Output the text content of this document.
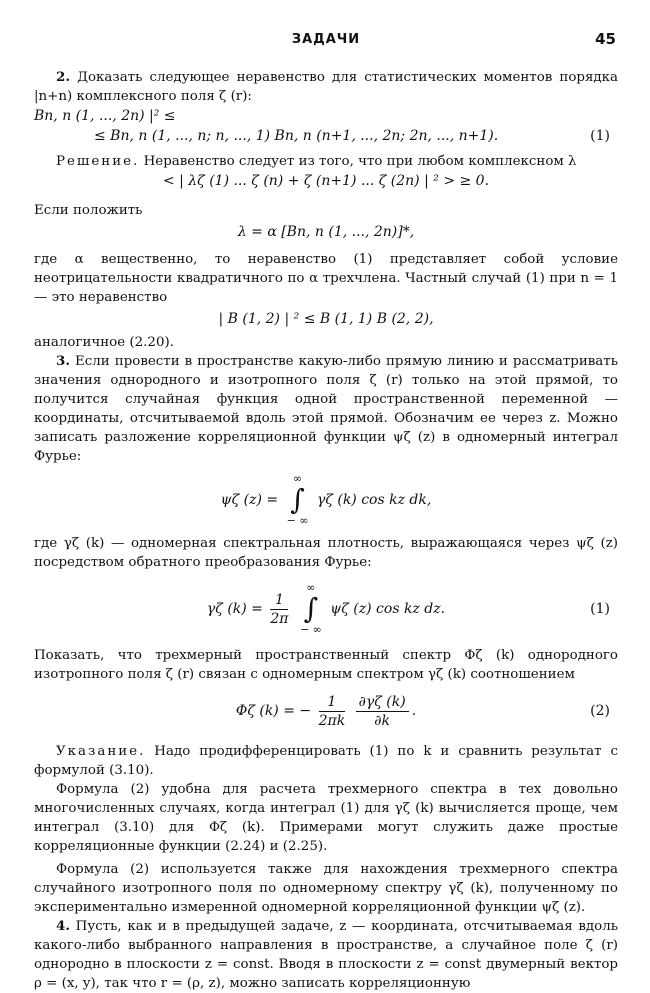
ЗАДАЧИ	45

2. Доказать следующее неравенство для статистических моментов порядка |n+n) комплексного поля ζ (r):

Bn, n (1, ..., 2n) |² ≤
≤ Bn, n (1, ..., n; n, ..., 1) Bn, n (n+1, ..., 2n; 2n, ..., n+1).	(1)

Решение. Неравенство следует из того, что при любом комплексном λ

< | λζ (1) ... ζ (n) + ζ (n+1) ... ζ (2n) | ² > ≥ 0.

Если положить

λ = α [Bn, n (1, ..., 2n)]*,

где α вещественно, то неравенство (1) представляет собой условие неотрицательности квадратичного по α трехчлена. Частный случай (1) при n = 1 — это неравенство

| B (1, 2) | ² ≤ B (1, 1) B (2, 2),

аналогичное (2.20).

3. Если провести в пространстве какую-либо прямую линию и рассматривать значения однородного и изотропного поля ζ (r) только на этой прямой, то получится случайная функция одной пространственной переменной — координаты, отсчитываемой вдоль этой прямой. Обозначим ее через z. Можно записать разложение корреляционной функции ψζ (z) в одномерный интеграл Фурье:

ψζ (z) =
∞
∫
− ∞
γζ (k) cos kz dk,

где γζ (k) — одномерная спектральная плотность, выражающаяся через ψζ (z) посредством обратного преобразования Фурье:

γζ $(k) = \frac{1}{2\pi}$

∞
∫
− ∞
ψζ (z) cos kz dz.	(1)

Показать, что трехмерный пространственный спектр Φζ (k) однородного изотропного поля ζ (r) связан с одномерным спектром γζ (k) соотношением

Φζ (k) = − $\frac{1}{2\pi k}$
$\frac{\partial\gamma\zeta (k)}{\partial k}$ .	(2)

Указание. Надо продифференцировать (1) по k и сравнить результат с формулой (3.10).

Формула (2) удобна для расчета трехмерного спектра в тех довольно многочисленных случаях, когда интеграл (1) для γζ (k) вычисляется проще, чем интеграл (3.10) для Φζ (k). Примерами могут служить даже простые корреляционные функции (2.24) и (2.25).

Формула (2) используется также для нахождения трехмерного спектра случайного изотропного поля по одномерному спектру γζ (k), полученному по экспериментально измеренной одномерной корреляционной функции ψζ (z).

4. Пусть, как и в предыдущей задаче, z — координата, отсчитываемая вдоль какого-либо выбранного направления в пространстве, а случайное поле ζ (r) однородно в плоскости z = const. Вводя в плоскости z = const двумерный вектор ρ = (x, y), так что r = (ρ, z), можно записать корреляционную
